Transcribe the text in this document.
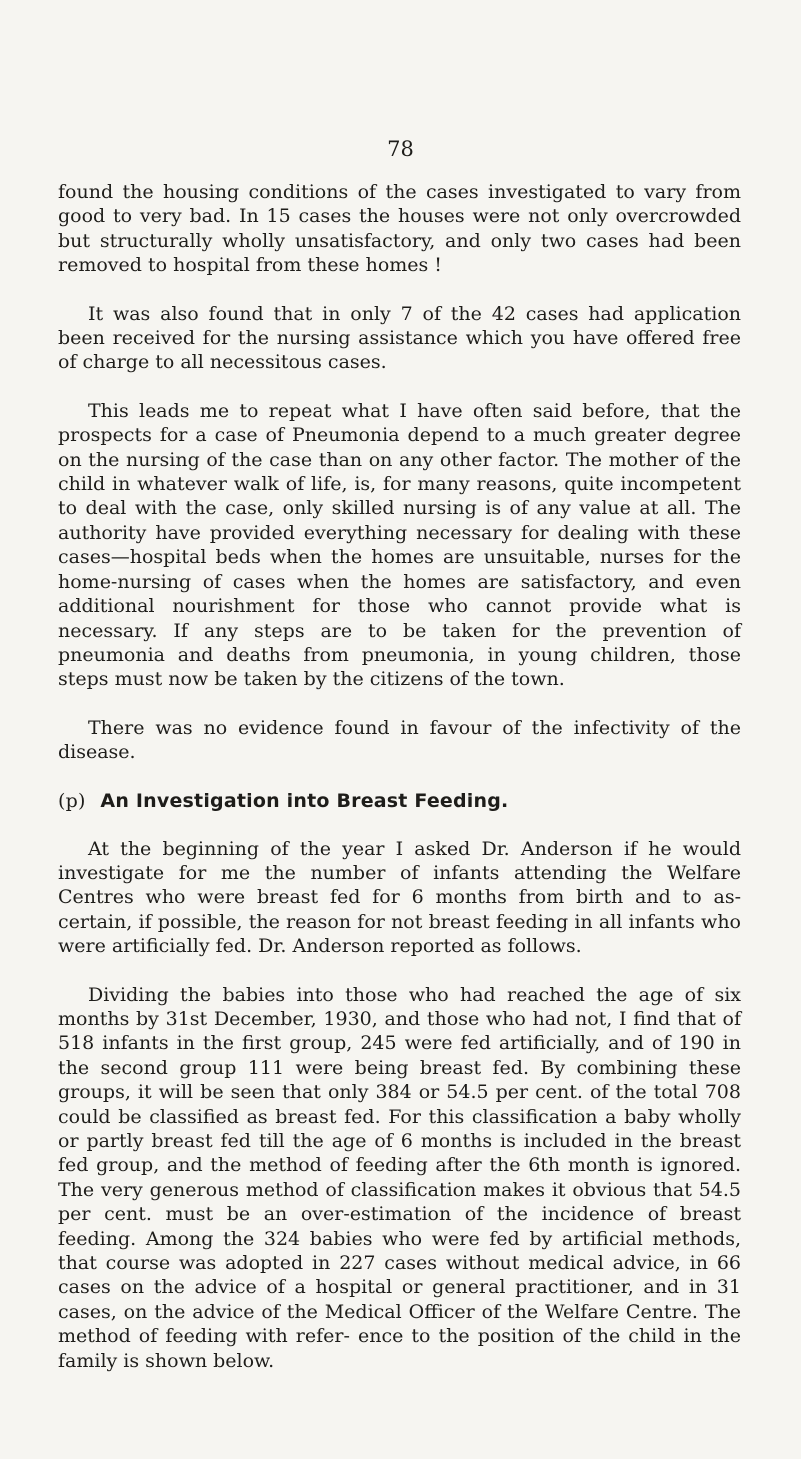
78

found the housing conditions of the cases investigated to vary from good to very bad. In 15 cases the houses were not only overcrowded but structurally wholly unsatisfactory, and only two cases had been removed to hospital from these homes !

It was also found that in only 7 of the 42 cases had application been received for the nursing assistance which you have offered free of charge to all necessitous cases.

This leads me to repeat what I have often said before, that the prospects for a case of Pneumonia depend to a much greater degree on the nursing of the case than on any other factor. The mother of the child in whatever walk of life, is, for many reasons, quite incompetent to deal with the case, only skilled nursing is of any value at all. The authority have provided everything necessary for dealing with these cases—hospital beds when the homes are unsuitable, nurses for the home-nursing of cases when the homes are satisfactory, and even additional nourishment for those who cannot provide what is necessary. If any steps are to be taken for the prevention of pneumonia and deaths from pneumonia, in young children, those steps must now be taken by the citizens of the town.

There was no evidence found in favour of the infectivity of the disease.

(p) An Investigation into Breast Feeding.

At the beginning of the year I asked Dr. Anderson if he would investigate for me the number of infants attending the Welfare Centres who were breast fed for 6 months from birth and to as- certain, if possible, the reason for not breast feeding in all infants who were artificially fed. Dr. Anderson reported as follows.

Dividing the babies into those who had reached the age of six months by 31st December, 1930, and those who had not, I find that of 518 infants in the first group, 245 were fed artificially, and of 190 in the second group 111 were being breast fed. By combining these groups, it will be seen that only 384 or 54.5 per cent. of the total 708 could be classified as breast fed. For this classification a baby wholly or partly breast fed till the age of 6 months is included in the breast fed group, and the method of feeding after the 6th month is ignored. The very generous method of classification makes it obvious that 54.5 per cent. must be an over-estimation of the incidence of breast feeding. Among the 324 babies who were fed by artificial methods, that course was adopted in 227 cases without medical advice, in 66 cases on the advice of a hospital or general practitioner, and in 31 cases, on the advice of the Medical Officer of the Welfare Centre. The method of feeding with refer- ence to the position of the child in the family is shown below.
